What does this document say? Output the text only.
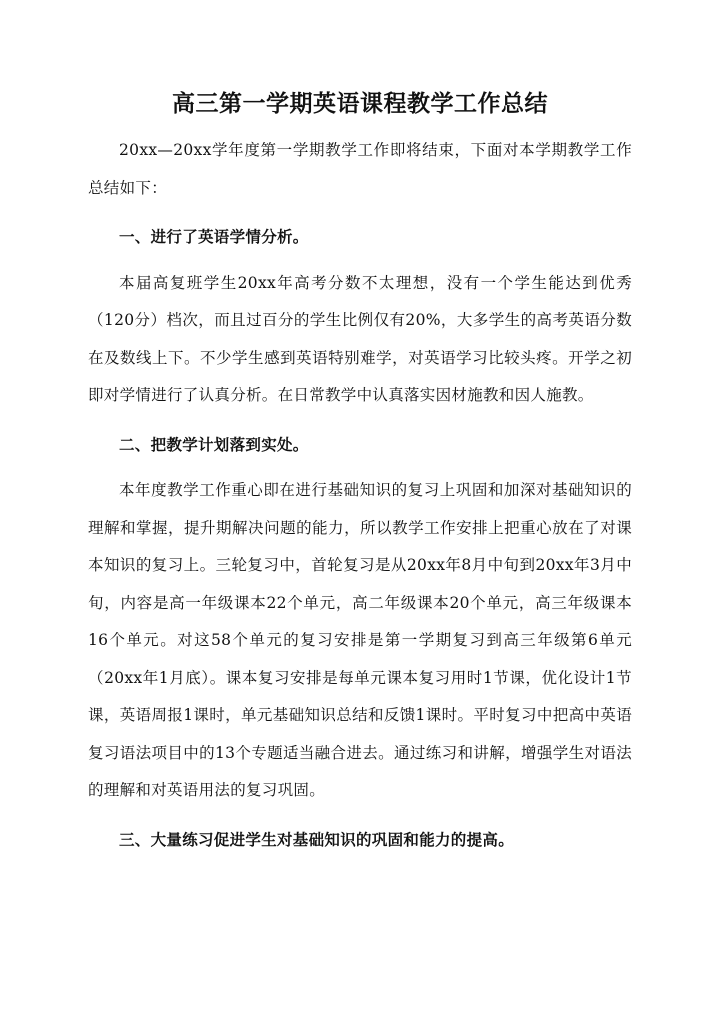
高三第一学期英语课程教学工作总结

20xx—20xx学年度第一学期教学工作即将结束，下面对本学期教学工作总结如下：

一、进行了英语学情分析。

本届高复班学生20xx年高考分数不太理想，没有一个学生能达到优秀（120分）档次，而且过百分的学生比例仅有20%，大多学生的高考英语分数在及数线上下。不少学生感到英语特别难学，对英语学习比较头疼。开学之初即对学情进行了认真分析。在日常教学中认真落实因材施教和因人施教。

二、把教学计划落到实处。

本年度教学工作重心即在进行基础知识的复习上巩固和加深对基础知识的理解和掌握，提升期解决问题的能力，所以教学工作安排上把重心放在了对课本知识的复习上。三轮复习中，首轮复习是从20xx年8月中旬到20xx年3月中旬，内容是高一年级课本22个单元，高二年级课本20个单元，高三年级课本16个单元。对这58个单元的复习安排是第一学期复习到高三年级第6单元（20xx年1月底）。课本复习安排是每单元课本复习用时1节课，优化设计1节课，英语周报1课时，单元基础知识总结和反馈1课时。平时复习中把高中英语复习语法项目中的13个专题适当融合进去。通过练习和讲解，增强学生对语法的理解和对英语用法的复习巩固。

三、大量练习促进学生对基础知识的巩固和能力的提高。
